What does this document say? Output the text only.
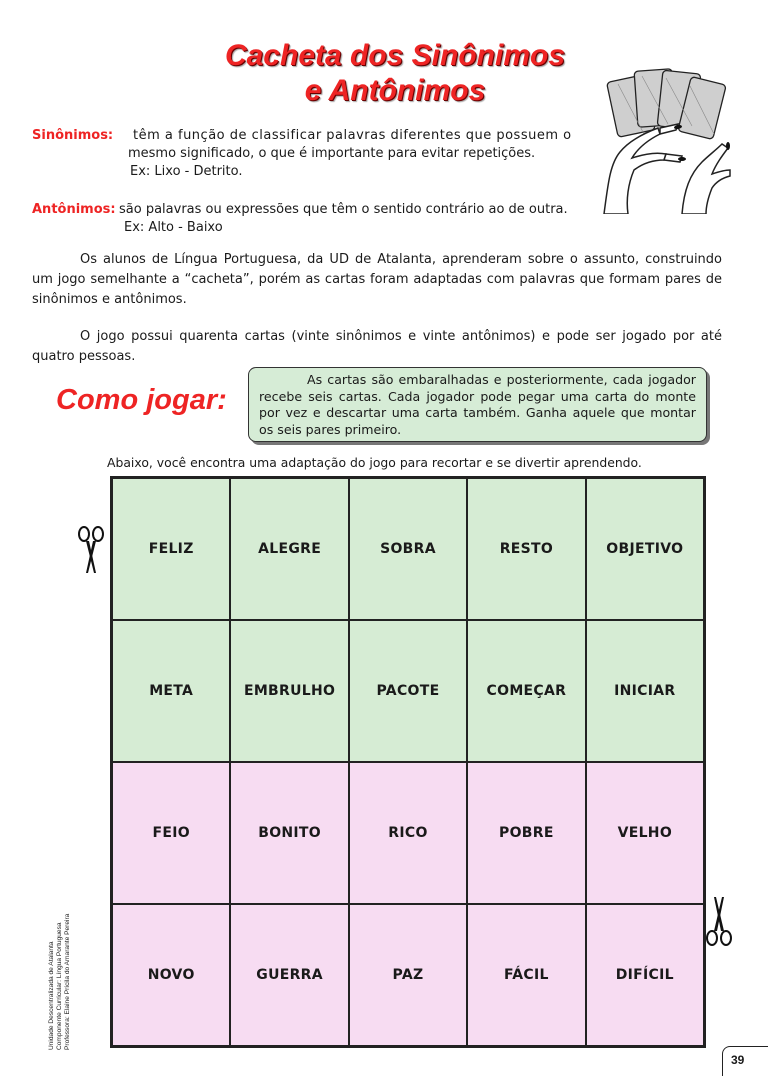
Cacheta dos Sinônimos
e Antônimos
Sinônimos: têm a função de classificar palavras diferentes que possuem o
mesmo significado, o que é importante para evitar repetições.
Ex: Lixo - Detrito.
Antônimos: são palavras ou expressões que têm o sentido contrário ao de outra.
Ex: Alto - Baixo
Os alunos de Língua Portuguesa, da UD de Atalanta, aprenderam sobre o assunto, construindo um jogo semelhante a “cacheta”, porém as cartas foram adaptadas com palavras que formam pares de sinônimos e antônimos.
O jogo possui quarenta cartas (vinte sinônimos e vinte antônimos) e pode ser jogado por até quatro pessoas.
Como jogar:
As cartas são embaralhadas e posteriormente, cada jogador recebe seis cartas. Cada jogador pode pegar uma carta do monte por vez e descartar uma carta também. Ganha aquele que montar os seis pares primeiro.
Abaixo, você encontra uma adaptação do jogo para recortar e se divertir aprendendo.
FELIZ	ALEGRE	SOBRA	RESTO	OBJETIVO
META	EMBRULHO	PACOTE	COMEÇAR	INICIAR
FEIO	BONITO	RICO	POBRE	VELHO
NOVO	GUERRA	PAZ	FÁCIL	DIFÍCIL
Unidade Descentralizada de Atalanta Componente Curricular: Língua Portuguesa Professora: Elaine Prícila do Amarante Pereira
39
